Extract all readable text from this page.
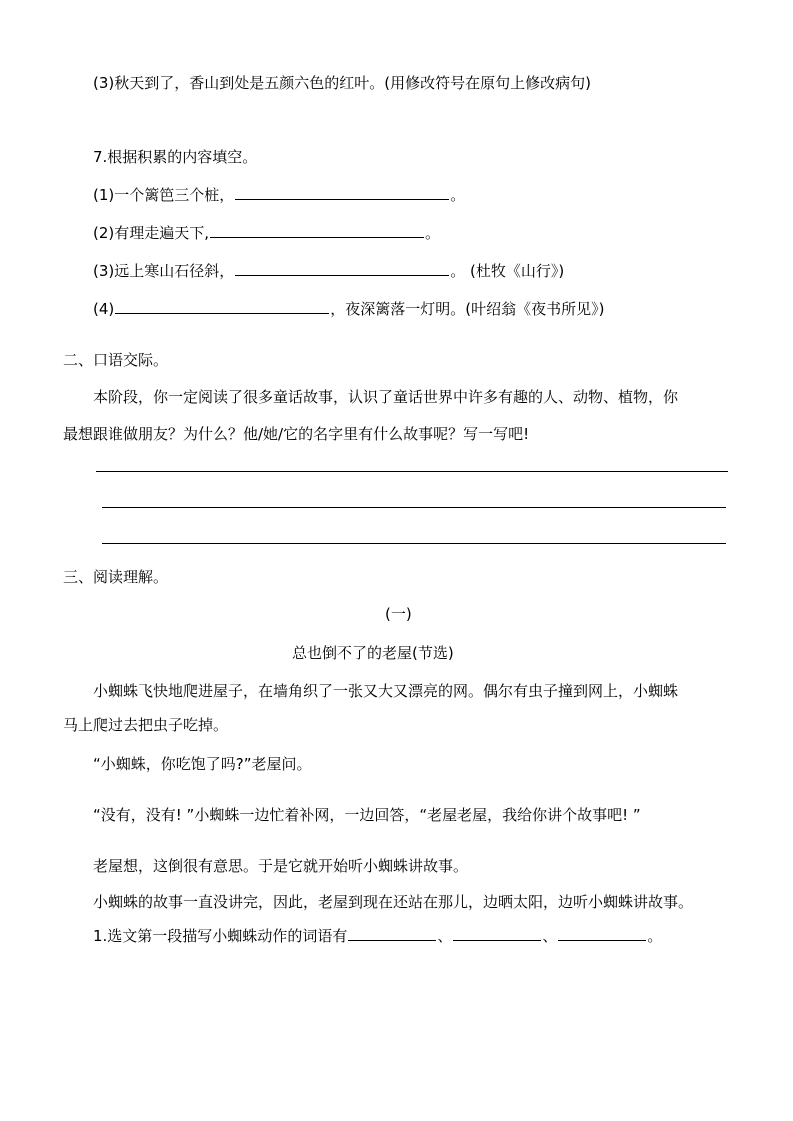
(3)秋天到了，香山到处是五颜六色的红叶。(用修改符号在原句上修改病句)
7.根据积累的内容填空。
(1)一个篱笆三个桩，	。
(2)有理走遍天下,	。
(3)远上寒山石径斜，	。 (杜牧《山行》)
(4)	，夜深篱落一灯明。(叶绍翁《夜书所见》)
二、口语交际。
本阶段，你一定阅读了很多童话故事，认识了童话世界中许多有趣的人、动物、植物，你
最想跟谁做朋友？为什么？他/她/它的名字里有什么故事呢？写一写吧!
三、阅读理解。
(一)
总也倒不了的老屋(节选)
小蜘蛛飞快地爬进屋子，在墙角织了一张又大又漂亮的网。偶尔有虫子撞到网上，小蜘蛛
马上爬过去把虫子吃掉。
“小蜘蛛，你吃饱了吗?”老屋问。
“没有，没有! ”小蜘蛛一边忙着补网，一边回答，“老屋老屋，我给你讲个故事吧! ”
老屋想，这倒很有意思。于是它就开始听小蜘蛛讲故事。
小蜘蛛的故事一直没讲完，因此，老屋到现在还站在那儿，边晒太阳，边听小蜘蛛讲故事。
1.选文第一段描写小蜘蛛动作的词语有	、	、	。
